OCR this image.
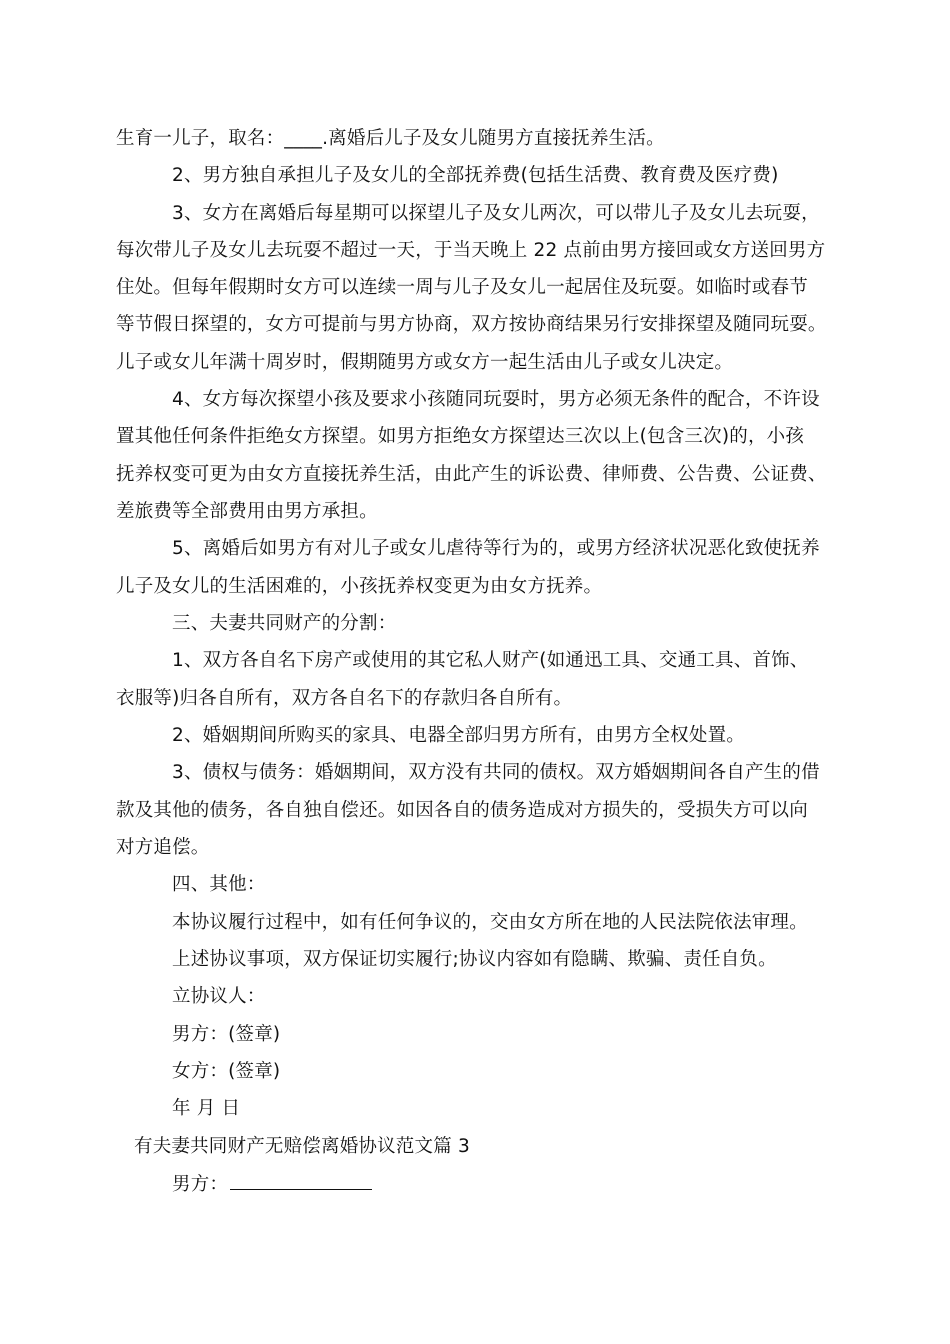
生育一儿子，取名：____.离婚后儿子及女儿随男方直接抚养生活。
2、男方独自承担儿子及女儿的全部抚养费(包括生活费、教育费及医疗费)
3、女方在离婚后每星期可以探望儿子及女儿两次，可以带儿子及女儿去玩耍，
每次带儿子及女儿去玩耍不超过一天，于当天晚上 22 点前由男方接回或女方送回男方
住处。但每年假期时女方可以连续一周与儿子及女儿一起居住及玩耍。如临时或春节
等节假日探望的，女方可提前与男方协商，双方按协商结果另行安排探望及随同玩耍。
儿子或女儿年满十周岁时，假期随男方或女方一起生活由儿子或女儿决定。
4、女方每次探望小孩及要求小孩随同玩耍时，男方必须无条件的配合，不许设
置其他任何条件拒绝女方探望。如男方拒绝女方探望达三次以上(包含三次)的，小孩
抚养权变可更为由女方直接抚养生活，由此产生的诉讼费、律师费、公告费、公证费、
差旅费等全部费用由男方承担。
5、离婚后如男方有对儿子或女儿虐待等行为的，或男方经济状况恶化致使抚养
儿子及女儿的生活困难的，小孩抚养权变更为由女方抚养。
三、夫妻共同财产的分割：
1、双方各自名下房产或使用的其它私人财产(如通迅工具、交通工具、首饰、
衣服等)归各自所有，双方各自名下的存款归各自所有。
2、婚姻期间所购买的家具、电器全部归男方所有，由男方全权处置。
3、债权与债务：婚姻期间，双方没有共同的债权。双方婚姻期间各自产生的借
款及其他的债务，各自独自偿还。如因各自的债务造成对方损失的，受损失方可以向
对方追偿。
四、其他：
本协议履行过程中，如有任何争议的，交由女方所在地的人民法院依法审理。
上述协议事项，双方保证切实履行;协议内容如有隐瞒、欺骗、责任自负。
立协议人：
男方：(签章)
女方：(签章)
年 月 日
有夫妻共同财产无赔偿离婚协议范文篇 3
男方：
